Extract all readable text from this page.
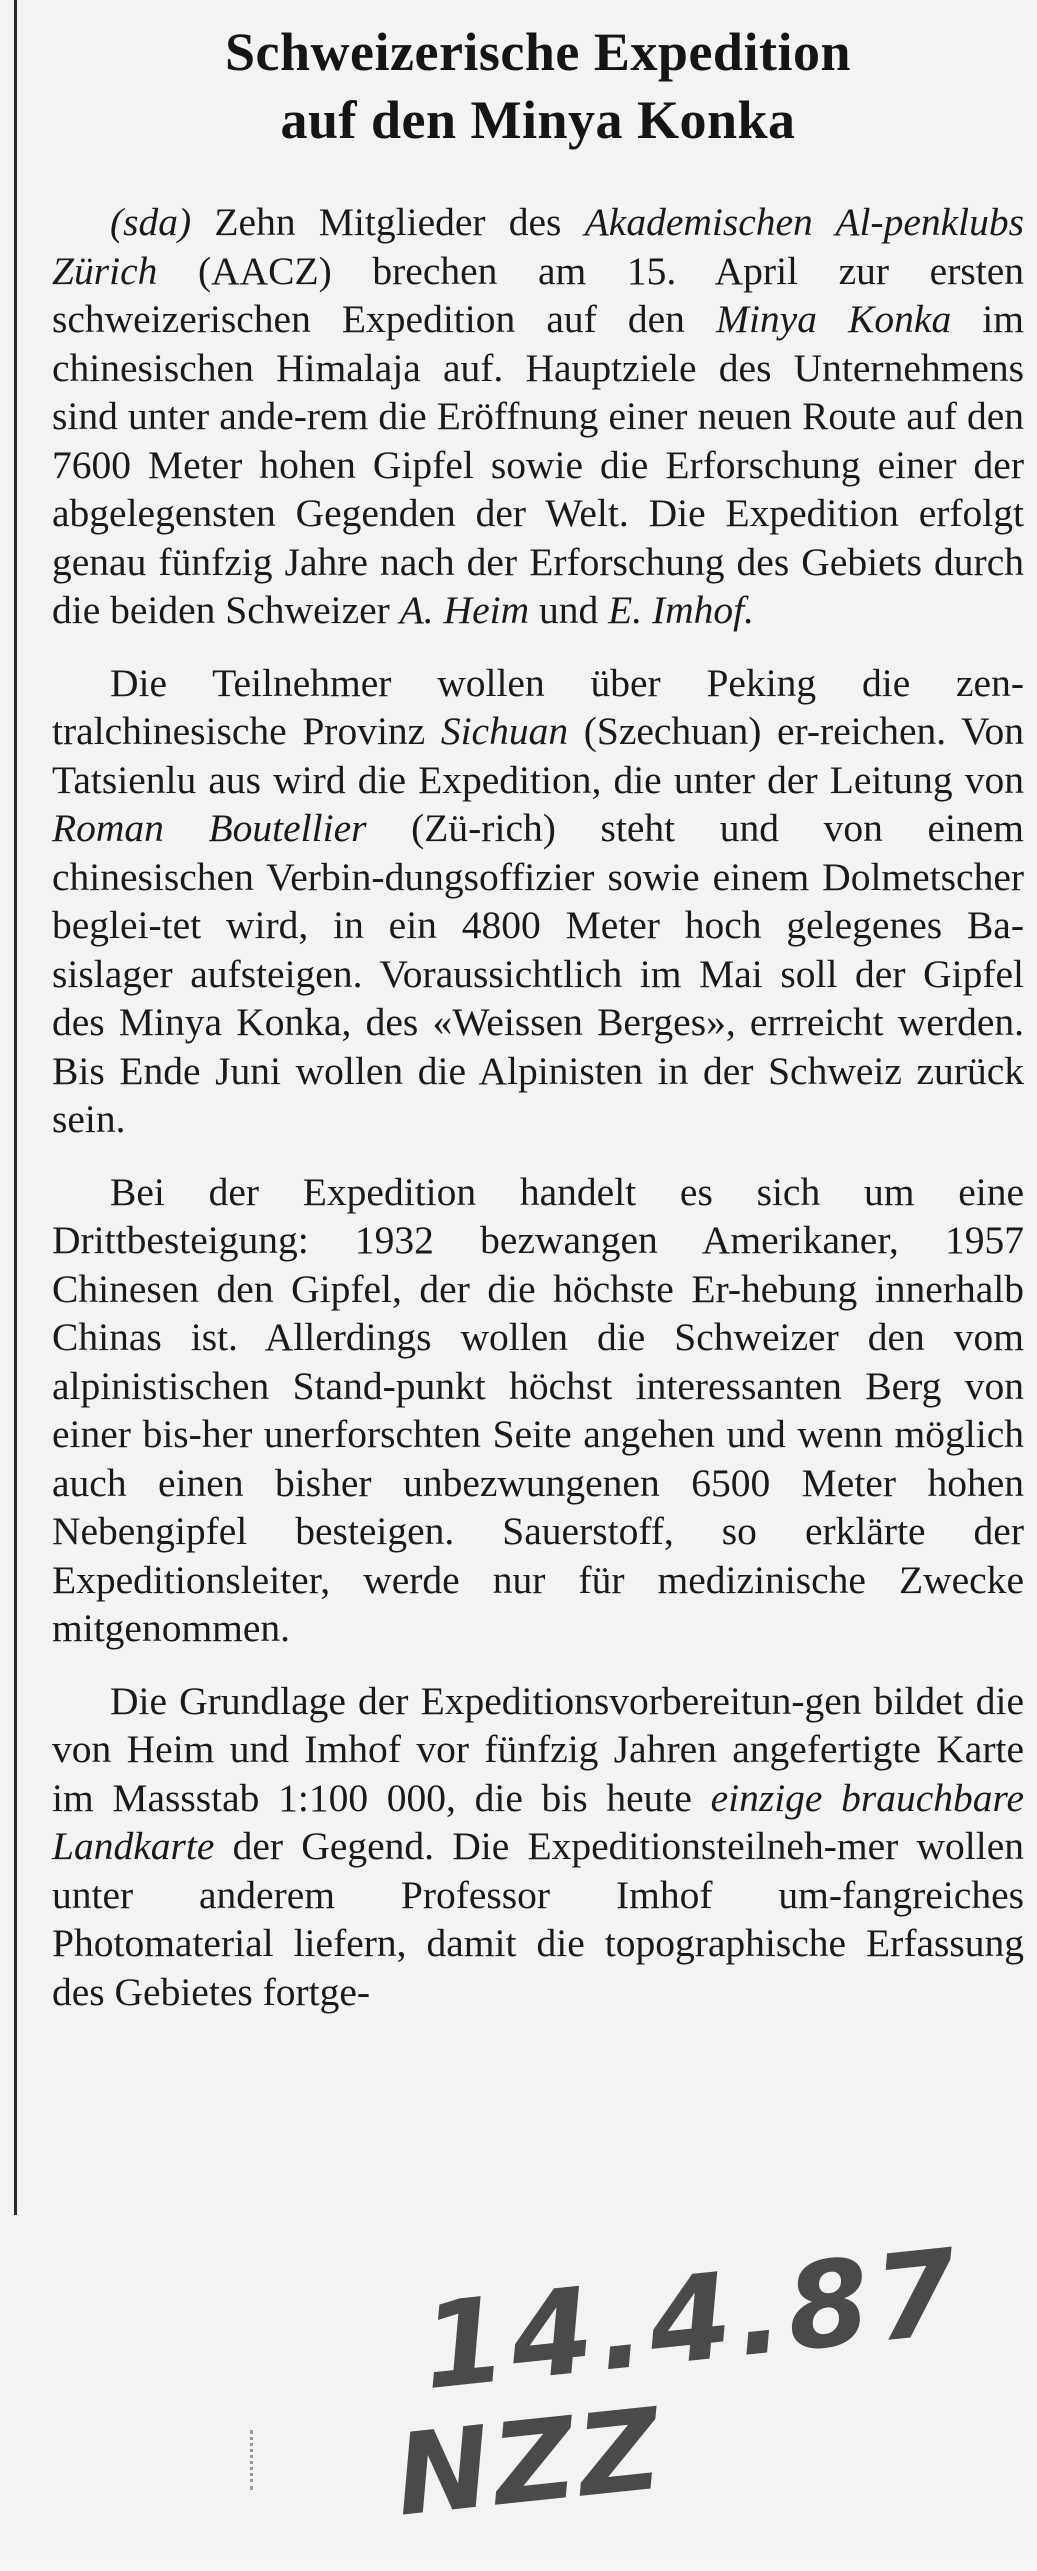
Schweizerische Expedition
auf den Minya Konka

(sda) Zehn Mitglieder des Akademischen Al-penklubs Zürich (AACZ) brechen am 15. April zur ersten schweizerischen Expedition auf den Minya Konka im chinesischen Himalaja auf. Hauptziele des Unternehmens sind unter ande-rem die Eröffnung einer neuen Route auf den 7600 Meter hohen Gipfel sowie die Erforschung einer der abgelegensten Gegenden der Welt. Die Expedition erfolgt genau fünfzig Jahre nach der Erforschung des Gebiets durch die beiden Schweizer A. Heim und E. Imhof.

Die Teilnehmer wollen über Peking die zen-tralchinesische Provinz Sichuan (Szechuan) er-reichen. Von Tatsienlu aus wird die Expedition, die unter der Leitung von Roman Boutellier (Zü-rich) steht und von einem chinesischen Verbin-dungsoffizier sowie einem Dolmetscher beglei-tet wird, in ein 4800 Meter hoch gelegenes Ba-sislager aufsteigen. Voraussichtlich im Mai soll der Gipfel des Minya Konka, des «Weissen Berges», errreicht werden. Bis Ende Juni wollen die Alpinisten in der Schweiz zurück sein.

Bei der Expedition handelt es sich um eine Drittbesteigung: 1932 bezwangen Amerikaner, 1957 Chinesen den Gipfel, der die höchste Er-hebung innerhalb Chinas ist. Allerdings wollen die Schweizer den vom alpinistischen Stand-punkt höchst interessanten Berg von einer bis-her unerforschten Seite angehen und wenn möglich auch einen bisher unbezwungenen 6500 Meter hohen Nebengipfel besteigen. Sauerstoff, so erklärte der Expeditionsleiter, werde nur für medizinische Zwecke mitgenommen.

Die Grundlage der Expeditionsvorbereitun-gen bildet die von Heim und Imhof vor fünfzig Jahren angefertigte Karte im Massstab 1:100 000, die bis heute einzige brauchbare Landkarte der Gegend. Die Expeditionsteilneh-mer wollen unter anderem Professor Imhof um-fangreiches Photomaterial liefern, damit die topographische Erfassung des Gebietes fortge-

14.4.87
NZZ
